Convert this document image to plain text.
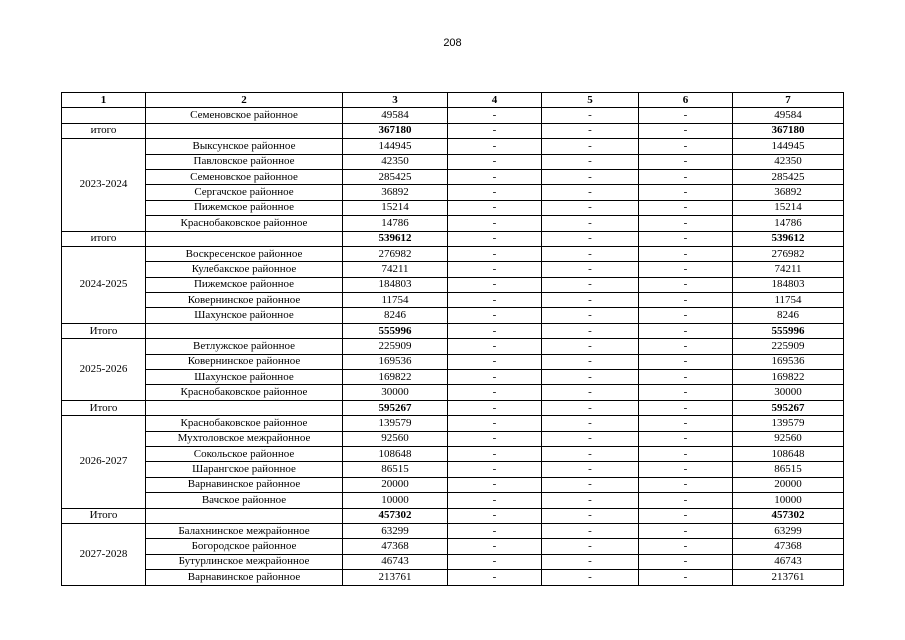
208
1	2	3	4	5	6	7
	Семеновское районное	49584	-	-	-	49584
итого		367180	-	-	-	367180
2023-2024	Выксунское районное	144945	-	-	-	144945
	Павловское районное	42350	-	-	-	42350
	Семеновское районное	285425	-	-	-	285425
	Сергачское районное	36892	-	-	-	36892
	Пижемское районное	15214	-	-	-	15214
	Краснобаковское районное	14786	-	-	-	14786
итого		539612	-	-	-	539612
2024-2025	Воскресенское районное	276982	-	-	-	276982
	Кулебакское районное	74211	-	-	-	74211
	Пижемское районное	184803	-	-	-	184803
	Ковернинское районное	11754	-	-	-	11754
	Шахунское районное	8246	-	-	-	8246
Итого		555996	-	-	-	555996
2025-2026	Ветлужское районное	225909	-	-	-	225909
	Ковернинское районное	169536	-	-	-	169536
	Шахунское районное	169822	-	-	-	169822
	Краснобаковское районное	30000	-	-	-	30000
Итого		595267	-	-	-	595267
2026-2027	Краснобаковское районное	139579	-	-	-	139579
	Мухтоловское межрайонное	92560	-	-	-	92560
	Сокольское районное	108648	-	-	-	108648
	Шарангское районное	86515	-	-	-	86515
	Варнавинское районное	20000	-	-	-	20000
	Вачское районное	10000	-	-	-	10000
Итого		457302	-	-	-	457302
2027-2028	Балахнинское межрайонное	63299	-	-	-	63299
	Богородское районное	47368	-	-	-	47368
	Бутурлинское межрайонное	46743	-	-	-	46743
	Варнавинское районное	213761	-	-	-	213761
